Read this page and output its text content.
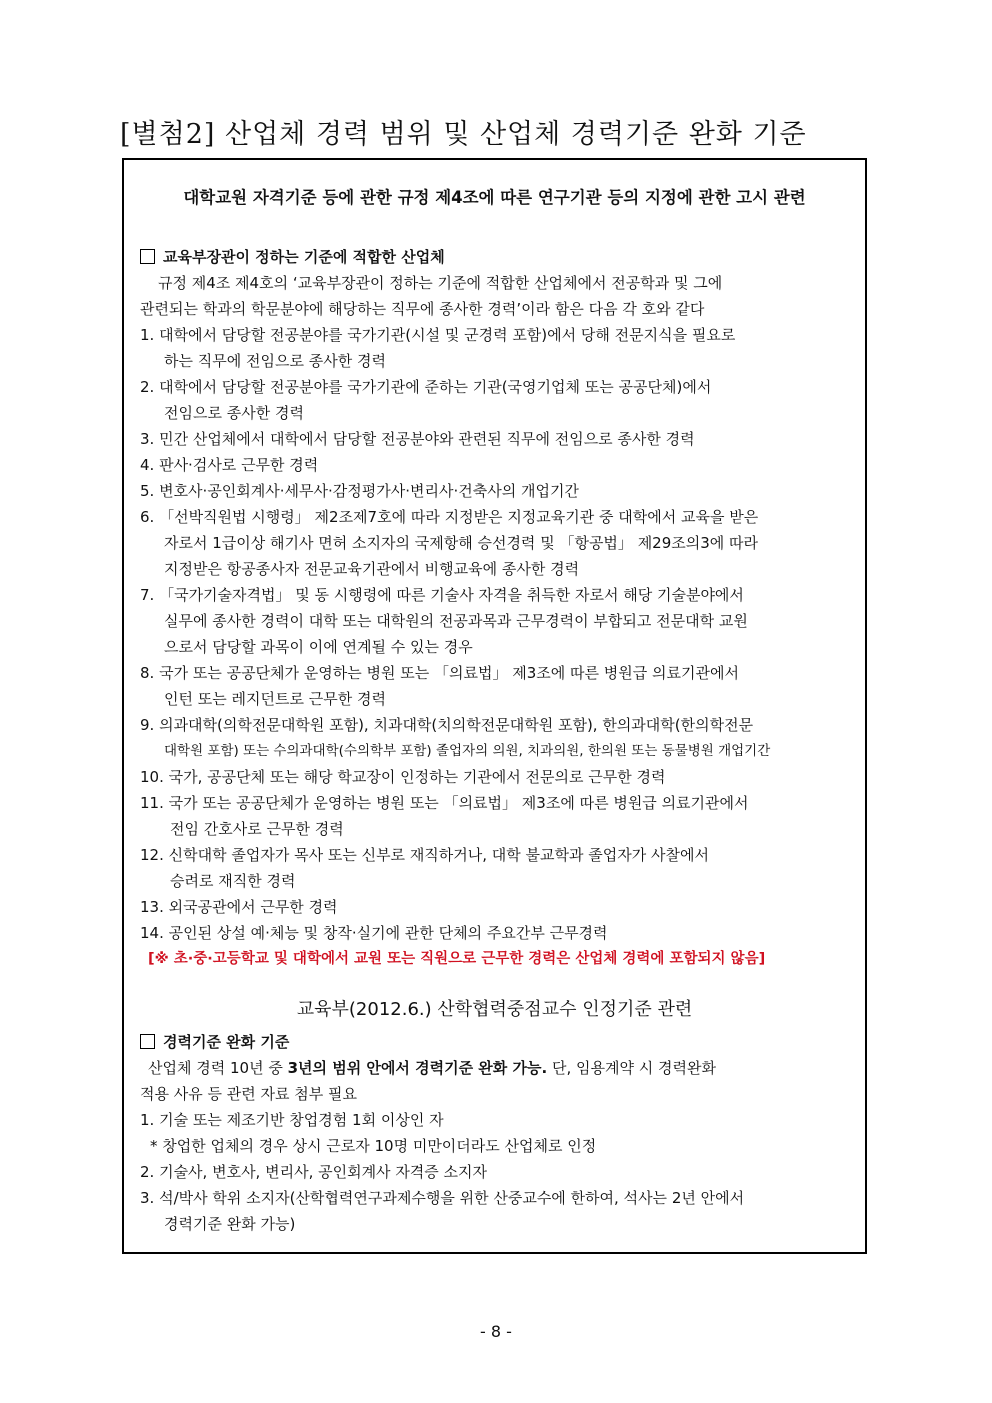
[별첨2] 산업체 경력 범위 및 산업체 경력기준 완화 기준
대학교원 자격기준 등에 관한 규정 제4조에 따른 연구기관 등의 지정에 관한 고시 관련
교육부장관이 정하는 기준에 적합한 산업체
규정 제4조 제4호의 ‘교육부장관이 정하는 기준에 적합한 산업체에서 전공학과 및 그에
관련되는 학과의 학문분야에 해당하는 직무에 종사한 경력’이라 함은 다음 각 호와 같다
1. 대학에서 담당할 전공분야를 국가기관(시설 및 군경력 포함)에서 당해 전문지식을 필요로
하는 직무에 전임으로 종사한 경력
2. 대학에서 담당할 전공분야를 국가기관에 준하는 기관(국영기업체 또는 공공단체)에서
전임으로 종사한 경력
3. 민간 산업체에서 대학에서 담당할 전공분야와 관련된 직무에 전임으로 종사한 경력
4. 판사·검사로 근무한 경력
5. 변호사·공인회계사·세무사·감정평가사·변리사·건축사의 개업기간
6. 「선박직원법 시행령」 제2조제7호에 따라 지정받은 지정교육기관 중 대학에서 교육을 받은
자로서 1급이상 해기사 면허 소지자의 국제항해 승선경력 및 「항공법」 제29조의3에 따라
지정받은 항공종사자 전문교육기관에서 비행교육에 종사한 경력
7. 「국가기술자격법」 및 동 시행령에 따른 기술사 자격을 취득한 자로서 해당 기술분야에서
실무에 종사한 경력이 대학 또는 대학원의 전공과목과 근무경력이 부합되고 전문대학 교원
으로서 담당할 과목이 이에 연계될 수 있는 경우
8. 국가 또는 공공단체가 운영하는 병원 또는 「의료법」 제3조에 따른 병원급 의료기관에서
인턴 또는 레지던트로 근무한 경력
9. 의과대학(의학전문대학원 포함), 치과대학(치의학전문대학원 포함), 한의과대학(한의학전문
대학원 포함) 또는 수의과대학(수의학부 포함) 졸업자의 의원, 치과의원, 한의원 또는 동물병원 개업기간
10. 국가, 공공단체 또는 해당 학교장이 인정하는 기관에서 전문의로 근무한 경력
11. 국가 또는 공공단체가 운영하는 병원 또는 「의료법」 제3조에 따른 병원급 의료기관에서
전임 간호사로 근무한 경력
12. 신학대학 졸업자가 목사 또는 신부로 재직하거나, 대학 불교학과 졸업자가 사찰에서
승려로 재직한 경력
13. 외국공관에서 근무한 경력
14. 공인된 상설 예·체능 및 창작·실기에 관한 단체의 주요간부 근무경력
[※ 초·중·고등학교 및 대학에서 교원 또는 직원으로 근무한 경력은 산업체 경력에 포함되지 않음]
교육부(2012.6.) 산학협력중점교수 인정기준 관련
경력기준 완화 기준
산업체 경력 10년 중 3년의 범위 안에서 경력기준 완화 가능. 단, 임용계약 시 경력완화
적용 사유 등 관련 자료 첨부 필요
1. 기술 또는 제조기반 창업경험 1회 이상인 자
* 창업한 업체의 경우 상시 근로자 10명 미만이더라도 산업체로 인정
2. 기술사, 변호사, 변리사, 공인회계사 자격증 소지자
3. 석/박사 학위 소지자(산학협력연구과제수행을 위한 산중교수에 한하여, 석사는 2년 안에서
경력기준 완화 가능)
- 8 -
